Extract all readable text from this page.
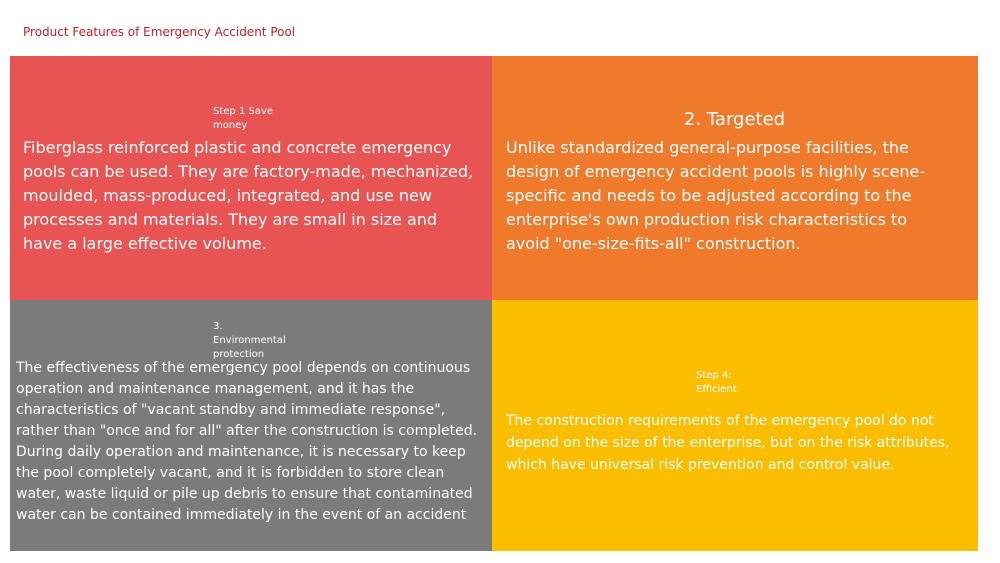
Product Features of Emergency Accident Pool
Step 1 Save money
Fiberglass reinforced plastic and concrete emergency pools can be used. They are factory-made, mechanized, moulded, mass-produced, integrated, and use new processes and materials. They are small in size and have a large effective volume.
2. Targeted
Unlike standardized general-purpose facilities, the design of emergency accident pools is highly scene-specific and needs to be adjusted according to the enterprise's own production risk characteristics to avoid "one-size-fits-all" construction.
3. Environmental protection
The effectiveness of the emergency pool depends on continuous operation and maintenance management, and it has the characteristics of "vacant standby and immediate response", rather than "once and for all" after the construction is completed. During daily operation and maintenance, it is necessary to keep the pool completely vacant, and it is forbidden to store clean water, waste liquid or pile up debris to ensure that contaminated water can be contained immediately in the event of an accident
Step 4: Efficient
The construction requirements of the emergency pool do not depend on the size of the enterprise, but on the risk attributes, which have universal risk prevention and control value.
